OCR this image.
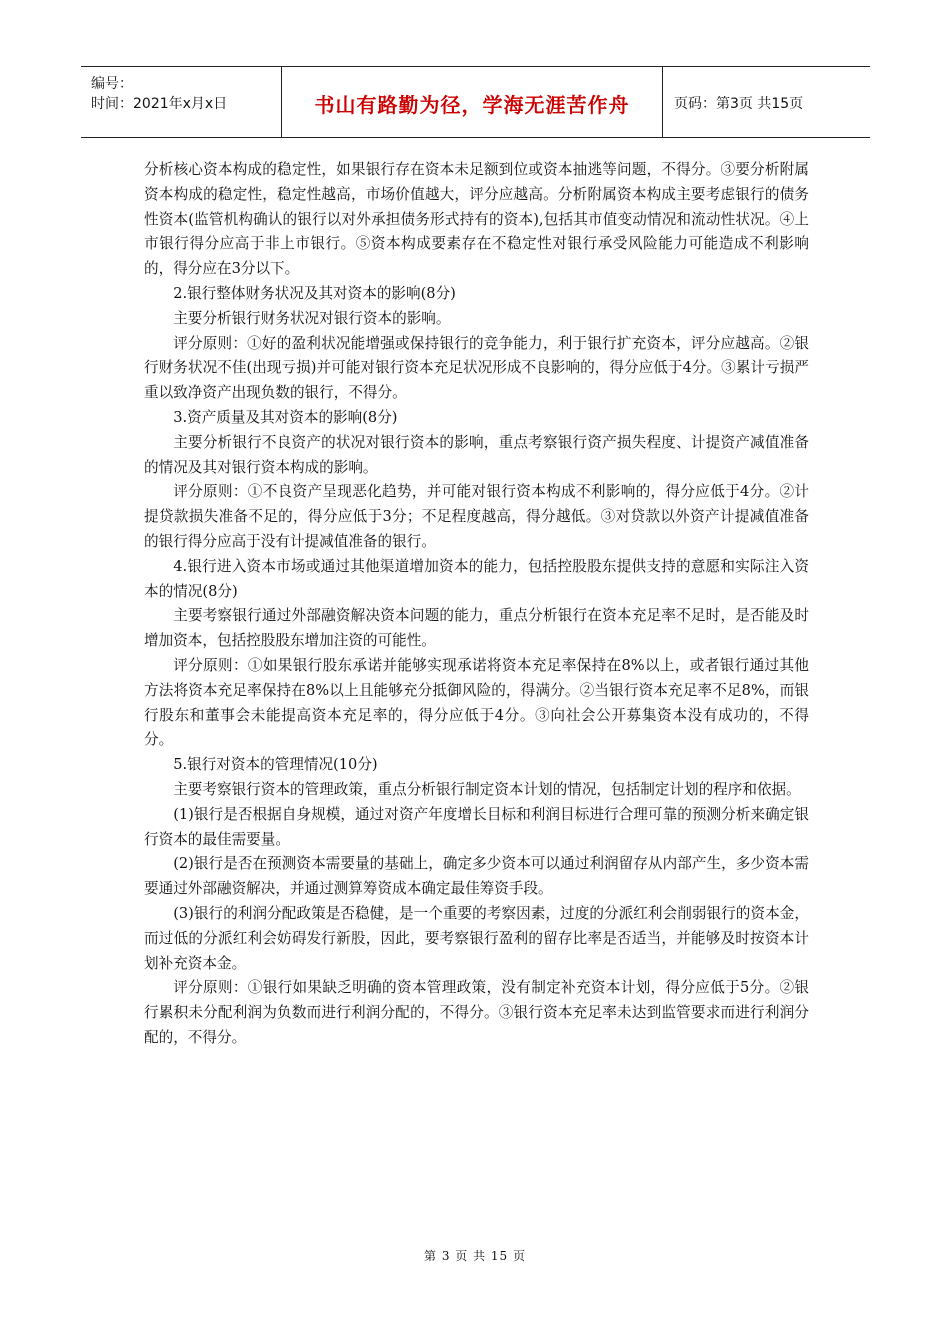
编号：
时间：2021年x月x日	书山有路勤为径，学海无涯苦作舟	页码：第3页 共15页

分析核心资本构成的稳定性，如果银行存在资本未足额到位或资本抽逃等问题，不得分。③要分析附属资本构成的稳定性，稳定性越高，市场价值越大，评分应越高。分析附属资本构成主要考虑银行的债务性资本(监管机构确认的银行以对外承担债务形式持有的资本),包括其市值变动情况和流动性状况。④上市银行得分应高于非上市银行。⑤资本构成要素存在不稳定性对银行承受风险能力可能造成不利影响的，得分应在3分以下。

2.银行整体财务状况及其对资本的影响(8分)

主要分析银行财务状况对银行资本的影响。

评分原则：①好的盈利状况能增强或保持银行的竞争能力，利于银行扩充资本，评分应越高。②银行财务状况不佳(出现亏损)并可能对银行资本充足状况形成不良影响的，得分应低于4分。③累计亏损严重以致净资产出现负数的银行，不得分。

3.资产质量及其对资本的影响(8分)

主要分析银行不良资产的状况对银行资本的影响，重点考察银行资产损失程度、计提资产减值准备的情况及其对银行资本构成的影响。

评分原则：①不良资产呈现恶化趋势，并可能对银行资本构成不利影响的，得分应低于4分。②计提贷款损失准备不足的，得分应低于3分；不足程度越高，得分越低。③对贷款以外资产计提减值准备的银行得分应高于没有计提减值准备的银行。

4.银行进入资本市场或通过其他渠道增加资本的能力，包括控股股东提供支持的意愿和实际注入资本的情况(8分)

主要考察银行通过外部融资解决资本问题的能力，重点分析银行在资本充足率不足时，是否能及时增加资本，包括控股股东增加注资的可能性。

评分原则：①如果银行股东承诺并能够实现承诺将资本充足率保持在8%以上，或者银行通过其他方法将资本充足率保持在8%以上且能够充分抵御风险的，得满分。②当银行资本充足率不足8%，而银行股东和董事会未能提高资本充足率的，得分应低于4分。③向社会公开募集资本没有成功的，不得分。

5.银行对资本的管理情况(10分)

主要考察银行资本的管理政策，重点分析银行制定资本计划的情况，包括制定计划的程序和依据。

(1)银行是否根据自身规模，通过对资产年度增长目标和利润目标进行合理可靠的预测分析来确定银行资本的最佳需要量。

(2)银行是否在预测资本需要量的基础上，确定多少资本可以通过利润留存从内部产生，多少资本需要通过外部融资解决，并通过测算筹资成本确定最佳筹资手段。

(3)银行的利润分配政策是否稳健，是一个重要的考察因素，过度的分派红利会削弱银行的资本金，而过低的分派红利会妨碍发行新股，因此，要考察银行盈利的留存比率是否适当，并能够及时按资本计划补充资本金。

评分原则：①银行如果缺乏明确的资本管理政策，没有制定补充资本计划，得分应低于5分。②银行累积未分配利润为负数而进行利润分配的，不得分。③银行资本充足率未达到监管要求而进行利润分配的，不得分。

第 3 页 共 15 页
